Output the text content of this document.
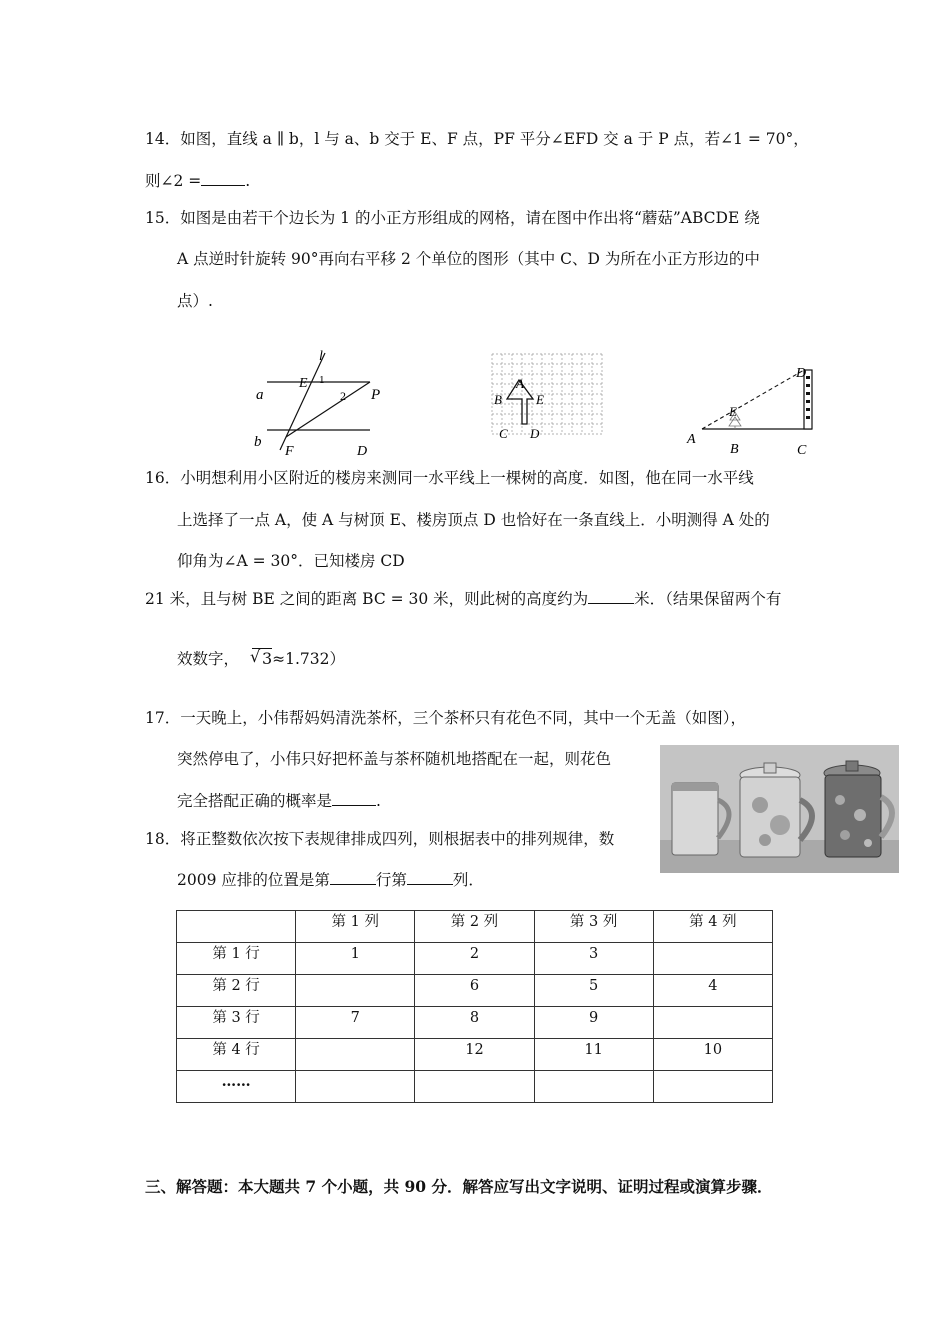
14．如图，直线 a ∥ b，l 与 a、b 交于 E、F 点，PF 平分∠EFD 交 a 于 P 点，若∠1 = 70°，
则∠2 =	.
15．如图是由若干个边长为 1 的小正方形组成的网格，请在图中作出将“蘑菇”ABCDE 绕
A 点逆时针旋转 90°再向右平移 2 个单位的图形（其中 C、D 为所在小正方形边的中
点）.
l
E 1
a	P
2
b
F	D
A
B	E
C D
D
E
A
B	C
16．小明想利用小区附近的楼房来测同一水平线上一棵树的高度．如图，他在同一水平线
上选择了一点 A，使 A 与树顶 E、楼房顶点 D 也恰好在一条直线上．小明测得 A 处的
仰角为∠A = 30°．已知楼房 CD
21 米，且与树 BE 之间的距离 BC = 30 米，则此树的高度约为	米．（结果保留两个有
效数字， √ 3≈1.732）
17．一天晚上，小伟帮妈妈清洗茶杯，三个茶杯只有花色不同，其中一个无盖（如图），
突然停电了，小伟只好把杯盖与茶杯随机地搭配在一起，则花色
完全搭配正确的概率是	.
18．将正整数依次按下表规律排成四列，则根据表中的排列规律，数
2009 应排的位置是第	行第	列．
	第 1 列	第 2 列	第 3 列	第 4 列
第 1 行	1	2	3	
第 2 行		6	5	4
第 3 行	7	8	9	
第 4 行		12	11	10
……				
三、解答题：本大题共 7 个小题，共 90 分．解答应写出文字说明、证明过程或演算步骤．
